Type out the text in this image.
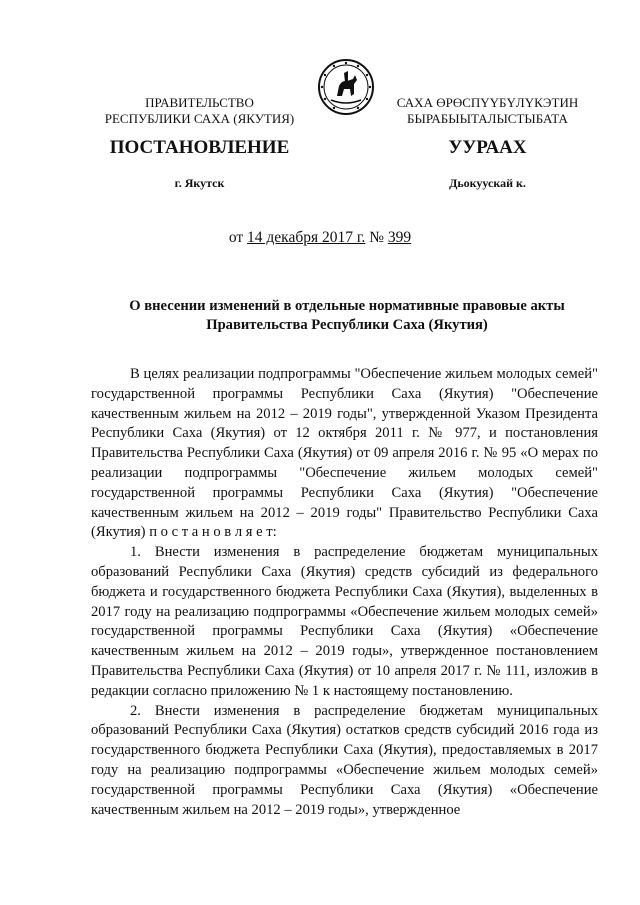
ПРАВИТЕЛЬСТВО
РЕСПУБЛИКИ САХА (ЯКУТИЯ)
САХА ӨРӨСПҮҮБҮЛҮКЭТИН
БЫРАБЫЫТАЛЫСТЫБАТА
ПОСТАНОВЛЕНИЕ	УУРААХ
г. Якутск	Дьокуускай к.
от 14 декабря 2017 г. № 399
О внесении изменений в отдельные нормативные правовые акты
Правительства Республики Саха (Якутия)

В целях реализации подпрограммы "Обеспечение жильем молодых семей" государственной программы Республики Саха (Якутия) "Обеспечение качественным жильем на 2012 – 2019 годы", утвержденной Указом Президента Республики Саха (Якутия) от 12 октября 2011 г. № 977, и постановления Правительства Республики Саха (Якутия) от 09 апреля 2016 г. № 95 «О мерах по реализации подпрограммы "Обеспечение жильем молодых семей" государственной программы Республики Саха (Якутия) "Обеспечение качественным жильем на 2012 – 2019 годы" Правительство Республики Саха (Якутия) п о с т а н о в л я е т:

1. Внести изменения в распределение бюджетам муниципальных образований Республики Саха (Якутия) средств субсидий из федерального бюджета и государственного бюджета Республики Саха (Якутия), выделенных в 2017 году на реализацию подпрограммы «Обеспечение жильем молодых семей» государственной программы Республики Саха (Якутия) «Обеспечение качественным жильем на 2012 – 2019 годы», утвержденное постановлением Правительства Республики Саха (Якутия) от 10 апреля 2017 г. № 111, изложив в редакции согласно приложению № 1 к настоящему постановлению.

2. Внести изменения в распределение бюджетам муниципальных образований Республики Саха (Якутия) остатков средств субсидий 2016 года из государственного бюджета Республики Саха (Якутия), предоставляемых в 2017 году на реализацию подпрограммы «Обеспечение жильем молодых семей» государственной программы Республики Саха (Якутия) «Обеспечение качественным жильем на 2012 – 2019 годы», утвержденное
